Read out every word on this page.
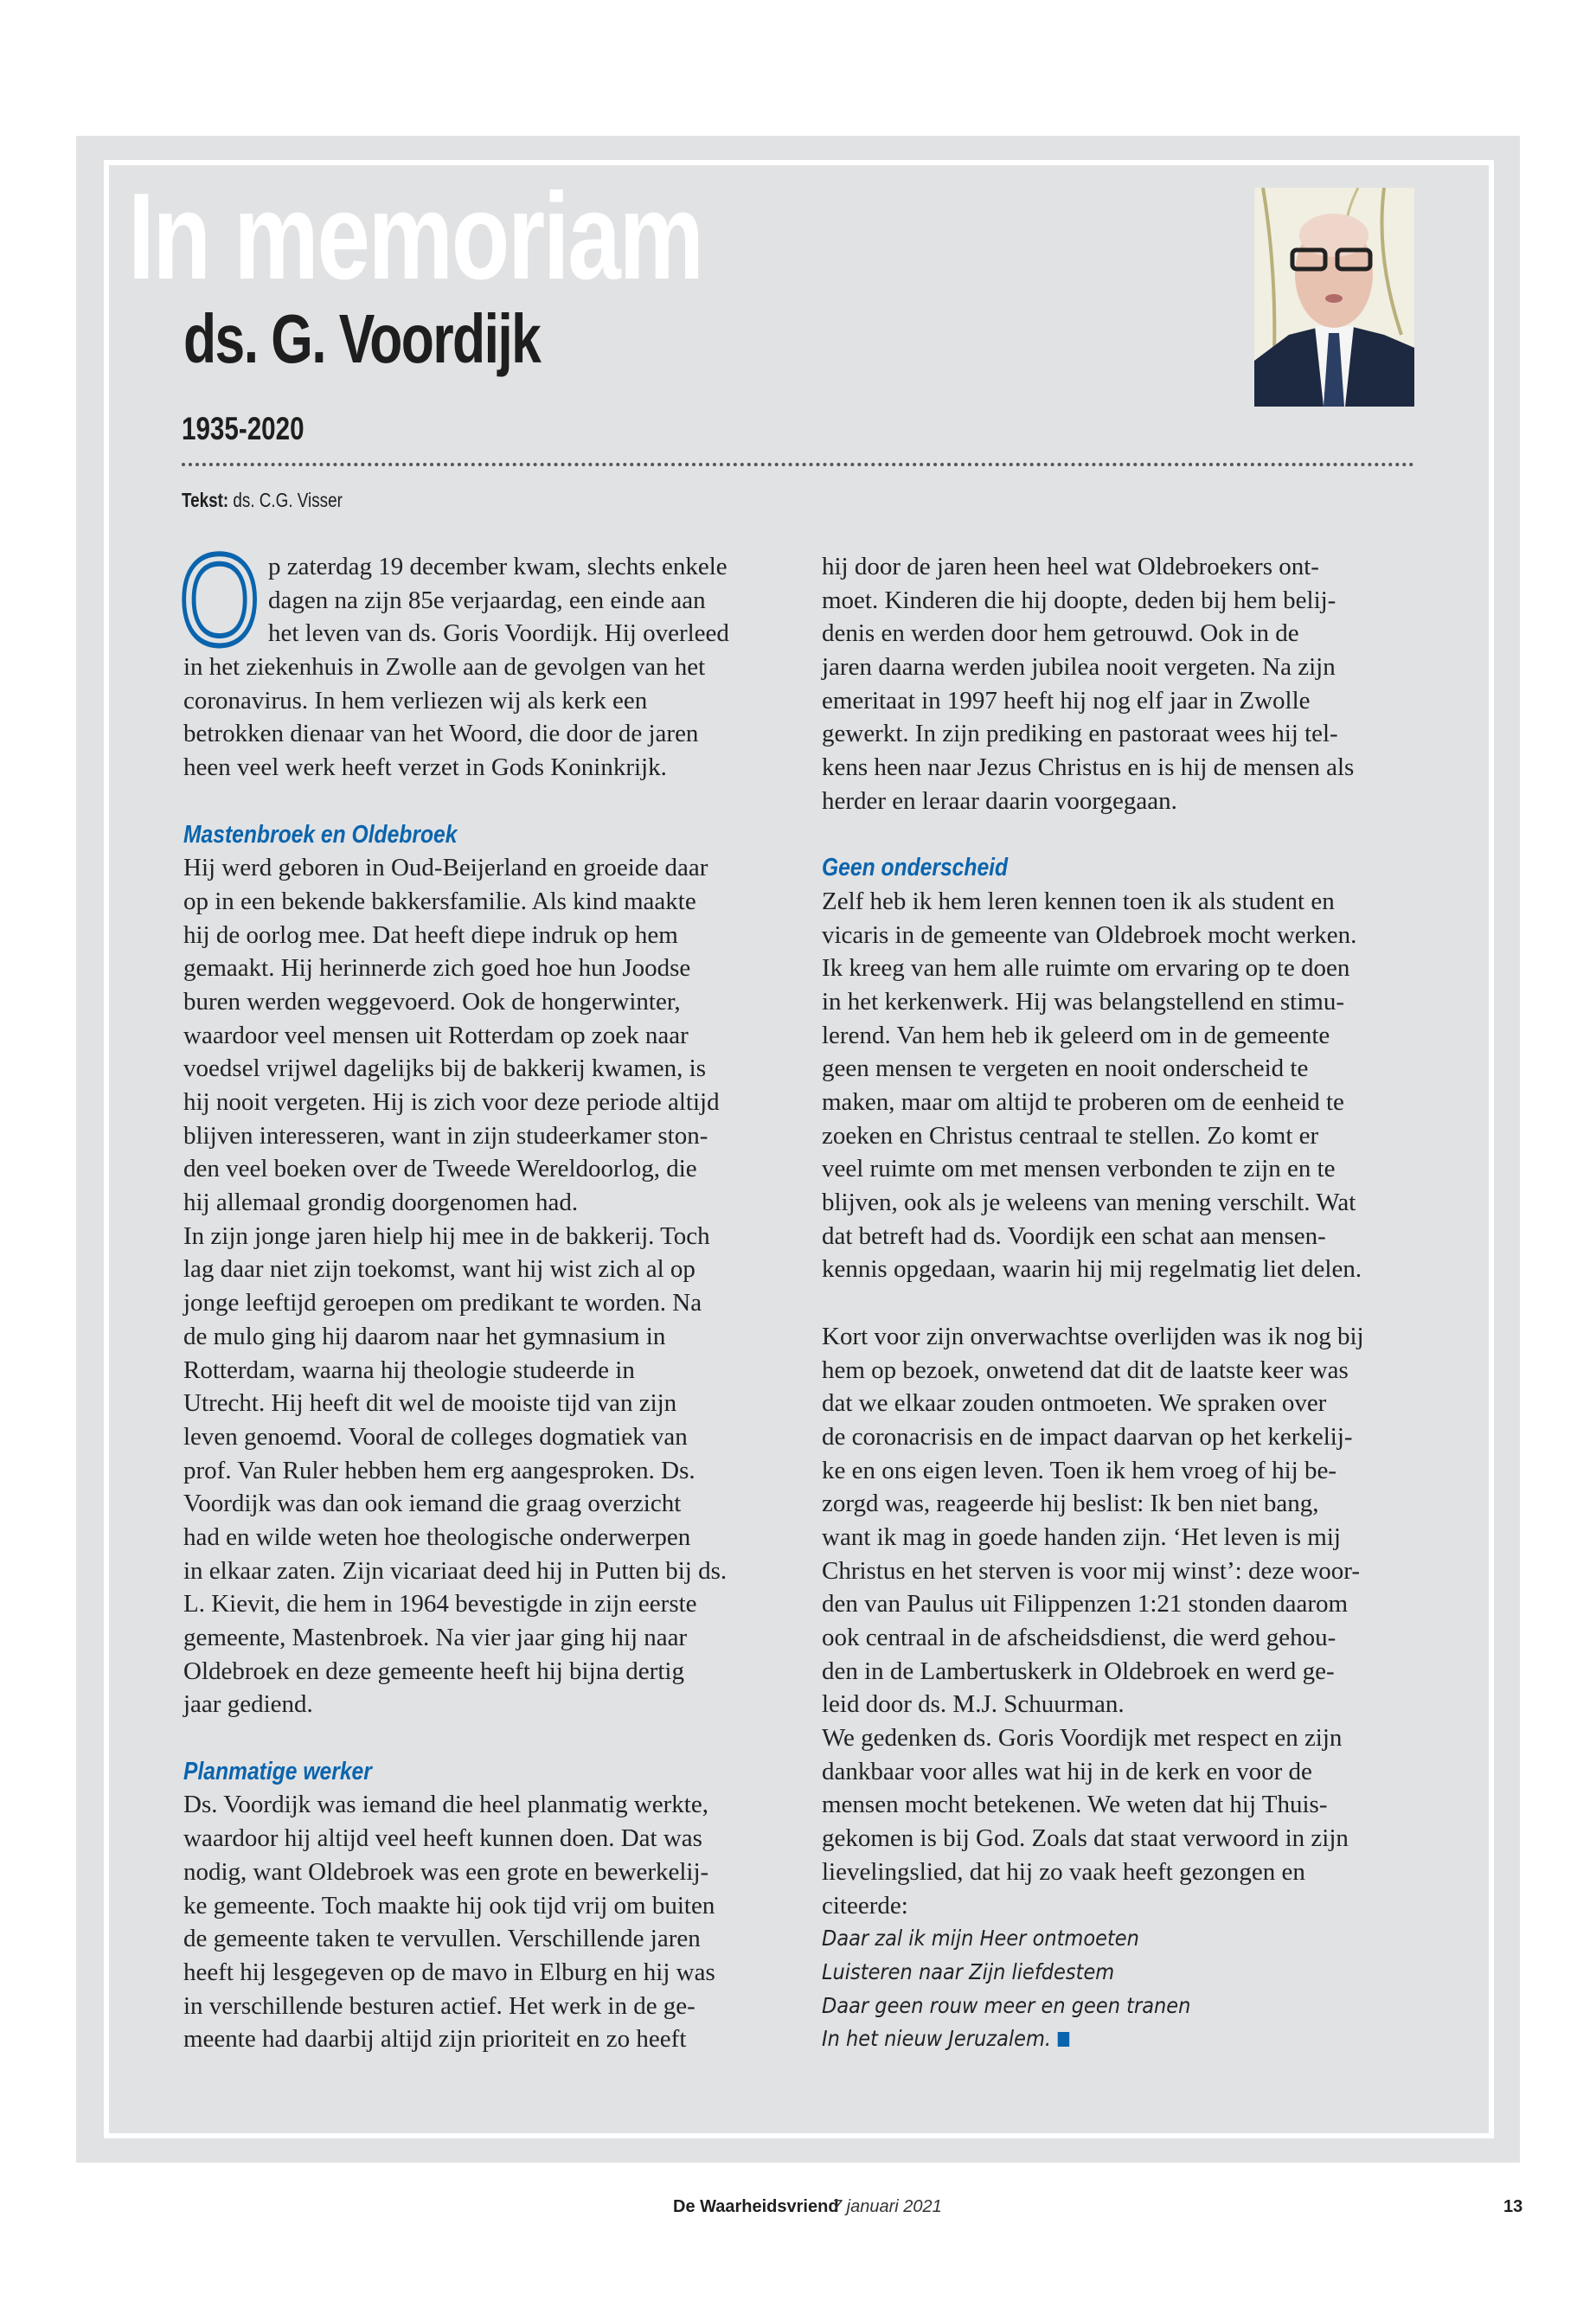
In memoriam
ds. G. Voordijk
1935-2020
Tekst: ds. C.G. Visser
O p zaterdag 19 december kwam, slechts enkele
dagen na zijn 85e verjaardag, een einde aan
het leven van ds. Goris Voordijk. Hij overleed
in het ziekenhuis in Zwolle aan de gevolgen van het
coronavirus. In hem verliezen wij als kerk een
betrokken dienaar van het Woord, die door de jaren
heen veel werk heeft verzet in Gods Koninkrijk.
Mastenbroek en Oldebroek
Hij werd geboren in Oud-Beijerland en groeide daar
op in een bekende bakkersfamilie. Als kind maakte
hij de oorlog mee. Dat heeft diepe indruk op hem
gemaakt. Hij herinnerde zich goed hoe hun Joodse
buren werden weggevoerd. Ook de hongerwinter,
waardoor veel mensen uit Rotterdam op zoek naar
voedsel vrijwel dagelijks bij de bakkerij kwamen, is
hij nooit vergeten. Hij is zich voor deze periode altijd
blijven interesseren, want in zijn studeerkamer ston-
den veel boeken over de Tweede Wereldoorlog, die
hij allemaal grondig doorgenomen had.
In zijn jonge jaren hielp hij mee in de bakkerij. Toch
lag daar niet zijn toekomst, want hij wist zich al op
jonge leeftijd geroepen om predikant te worden. Na
de mulo ging hij daarom naar het gymnasium in
Rotterdam, waarna hij theologie studeerde in
Utrecht. Hij heeft dit wel de mooiste tijd van zijn
leven genoemd. Vooral de colleges dogmatiek van
prof. Van Ruler hebben hem erg aangesproken. Ds.
Voordijk was dan ook iemand die graag overzicht
had en wilde weten hoe theologische onderwerpen
in elkaar zaten. Zijn vicariaat deed hij in Putten bij ds.
L. Kievit, die hem in 1964 bevestigde in zijn eerste
gemeente, Mastenbroek. Na vier jaar ging hij naar
Oldebroek en deze gemeente heeft hij bijna dertig
jaar gediend.
Planmatige werker
Ds. Voordijk was iemand die heel planmatig werkte,
waardoor hij altijd veel heeft kunnen doen. Dat was
nodig, want Oldebroek was een grote en bewerkelij-
ke gemeente. Toch maakte hij ook tijd vrij om buiten
de gemeente taken te vervullen. Verschillende jaren
heeft hij lesgegeven op de mavo in Elburg en hij was
in verschillende besturen actief. Het werk in de ge-
meente had daarbij altijd zijn prioriteit en zo heeft
hij door de jaren heen heel wat Oldebroekers ont-
moet. Kinderen die hij doopte, deden bij hem belij-
denis en werden door hem getrouwd. Ook in de
jaren daarna werden jubilea nooit vergeten. Na zijn
emeritaat in 1997 heeft hij nog elf jaar in Zwolle
gewerkt. In zijn prediking en pastoraat wees hij tel-
kens heen naar Jezus Christus en is hij de mensen als
herder en leraar daarin voorgegaan.
Geen onderscheid
Zelf heb ik hem leren kennen toen ik als student en
vicaris in de gemeente van Oldebroek mocht werken.
Ik kreeg van hem alle ruimte om ervaring op te doen
in het kerkenwerk. Hij was belangstellend en stimu-
lerend. Van hem heb ik geleerd om in de gemeente
geen mensen te vergeten en nooit onderscheid te
maken, maar om altijd te proberen om de eenheid te
zoeken en Christus centraal te stellen. Zo komt er
veel ruimte om met mensen verbonden te zijn en te
blijven, ook als je weleens van mening verschilt. Wat
dat betreft had ds. Voordijk een schat aan mensen-
kennis opgedaan, waarin hij mij regelmatig liet delen.
Kort voor zijn onverwachtse overlijden was ik nog bij
hem op bezoek, onwetend dat dit de laatste keer was
dat we elkaar zouden ontmoeten. We spraken over
de coronacrisis en de impact daarvan op het kerkelij-
ke en ons eigen leven. Toen ik hem vroeg of hij be-
zorgd was, reageerde hij beslist: Ik ben niet bang,
want ik mag in goede handen zijn. ‘Het leven is mij
Christus en het sterven is voor mij winst’: deze woor-
den van Paulus uit Filippenzen 1:21 stonden daarom
ook centraal in de afscheidsdienst, die werd gehou-
den in de Lambertuskerk in Oldebroek en werd ge-
leid door ds. M.J. Schuurman.
We gedenken ds. Goris Voordijk met respect en zijn
dankbaar voor alles wat hij in de kerk en voor de
mensen mocht betekenen. We weten dat hij Thuis-
gekomen is bij God. Zoals dat staat verwoord in zijn
lievelingslied, dat hij zo vaak heeft gezongen en
citeerde:
Daar zal ik mijn Heer ontmoeten
Luisteren naar Zijn liefdestem
Daar geen rouw meer en geen tranen
In het nieuw Jeruzalem.
De Waarheidsvriend
7 januari 2021	13
